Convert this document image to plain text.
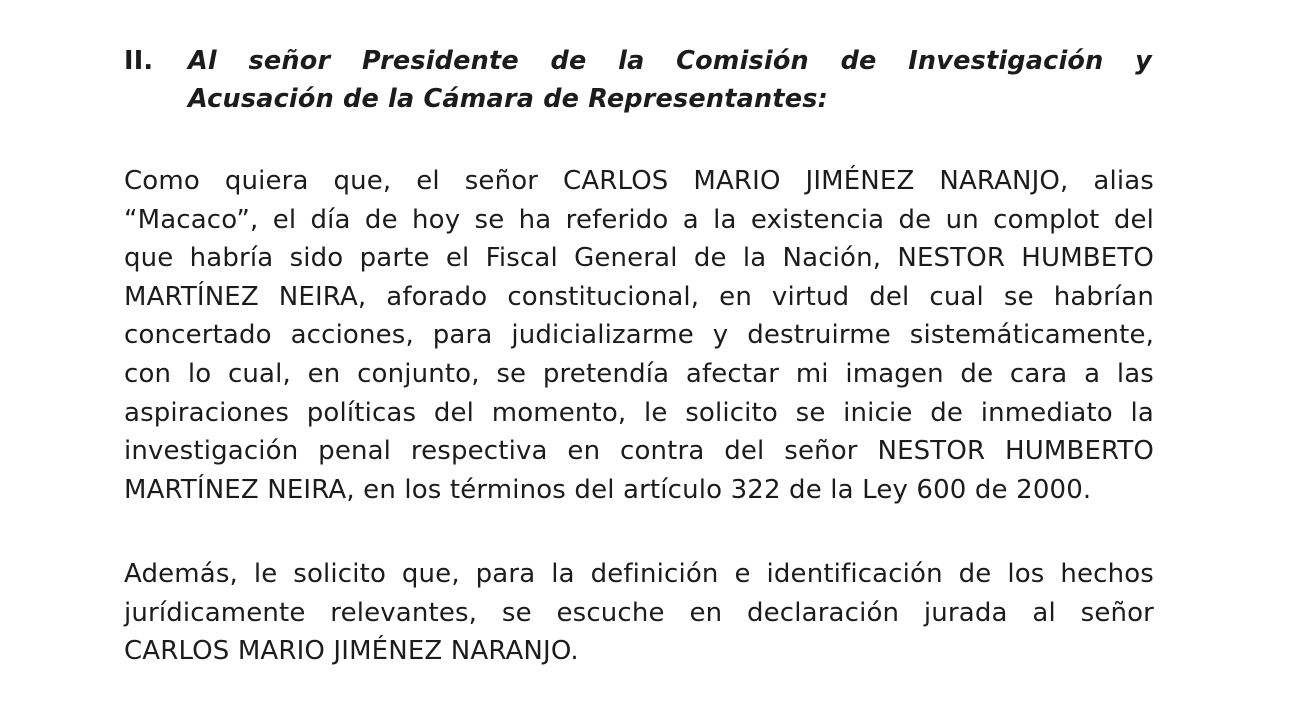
II. Al señor Presidente de la Comisión de Investigación y
Acusación de la Cámara de Representantes:
Como quiera que, el señor CARLOS MARIO JIMÉNEZ NARANJO, alias
“Macaco”, el día de hoy se ha referido a la existencia de un complot del
que habría sido parte el Fiscal General de la Nación, NESTOR HUMBETO
MARTÍNEZ NEIRA, aforado constitucional, en virtud del cual se habrían
concertado acciones, para judicializarme y destruirme sistemáticamente,
con lo cual, en conjunto, se pretendía afectar mi imagen de cara a las
aspiraciones políticas del momento, le solicito se inicie de inmediato la
investigación penal respectiva en contra del señor NESTOR HUMBERTO
MARTÍNEZ NEIRA, en los términos del artículo 322 de la Ley 600 de 2000.
Además, le solicito que, para la definición e identificación de los hechos
jurídicamente relevantes, se escuche en declaración jurada al señor
CARLOS MARIO JIMÉNEZ NARANJO.
